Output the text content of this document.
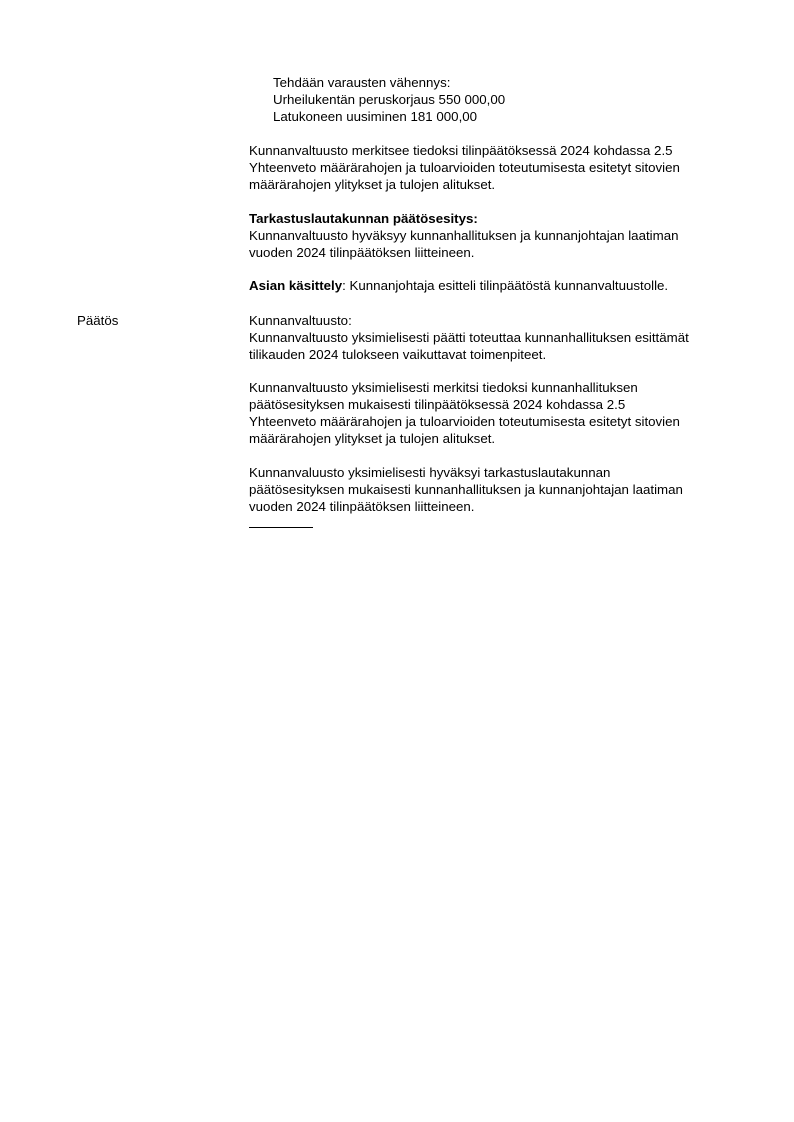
Tehdään varausten vähennys:
Urheilukentän peruskorjaus 550 000,00
Latukoneen uusiminen 181 000,00
Kunnanvaltuusto merkitsee tiedoksi tilinpäätöksessä 2024 kohdassa 2.5
Yhteenveto määrärahojen ja tuloarvioiden toteutumisesta esitetyt sitovien
määrärahojen ylitykset ja tulojen alitukset.
Tarkastuslautakunnan päätösesitys:
Kunnanvaltuusto hyväksyy kunnanhallituksen ja kunnanjohtajan laatiman
vuoden 2024 tilinpäätöksen liitteineen.
Asian käsittely: Kunnanjohtaja esitteli tilinpäätöstä kunnanvaltuustolle.
Päätös	Kunnanvaltuusto:
Kunnanvaltuusto yksimielisesti päätti toteuttaa kunnanhallituksen esittämät
tilikauden 2024 tulokseen vaikuttavat toimenpiteet.
Kunnanvaltuusto yksimielisesti merkitsi tiedoksi kunnanhallituksen
päätösesityksen mukaisesti tilinpäätöksessä 2024 kohdassa 2.5
Yhteenveto määrärahojen ja tuloarvioiden toteutumisesta esitetyt sitovien
määrärahojen ylitykset ja tulojen alitukset.
Kunnanvaluusto yksimielisesti hyväksyi tarkastuslautakunnan
päätösesityksen mukaisesti kunnanhallituksen ja kunnanjohtajan laatiman
vuoden 2024 tilinpäätöksen liitteineen.
